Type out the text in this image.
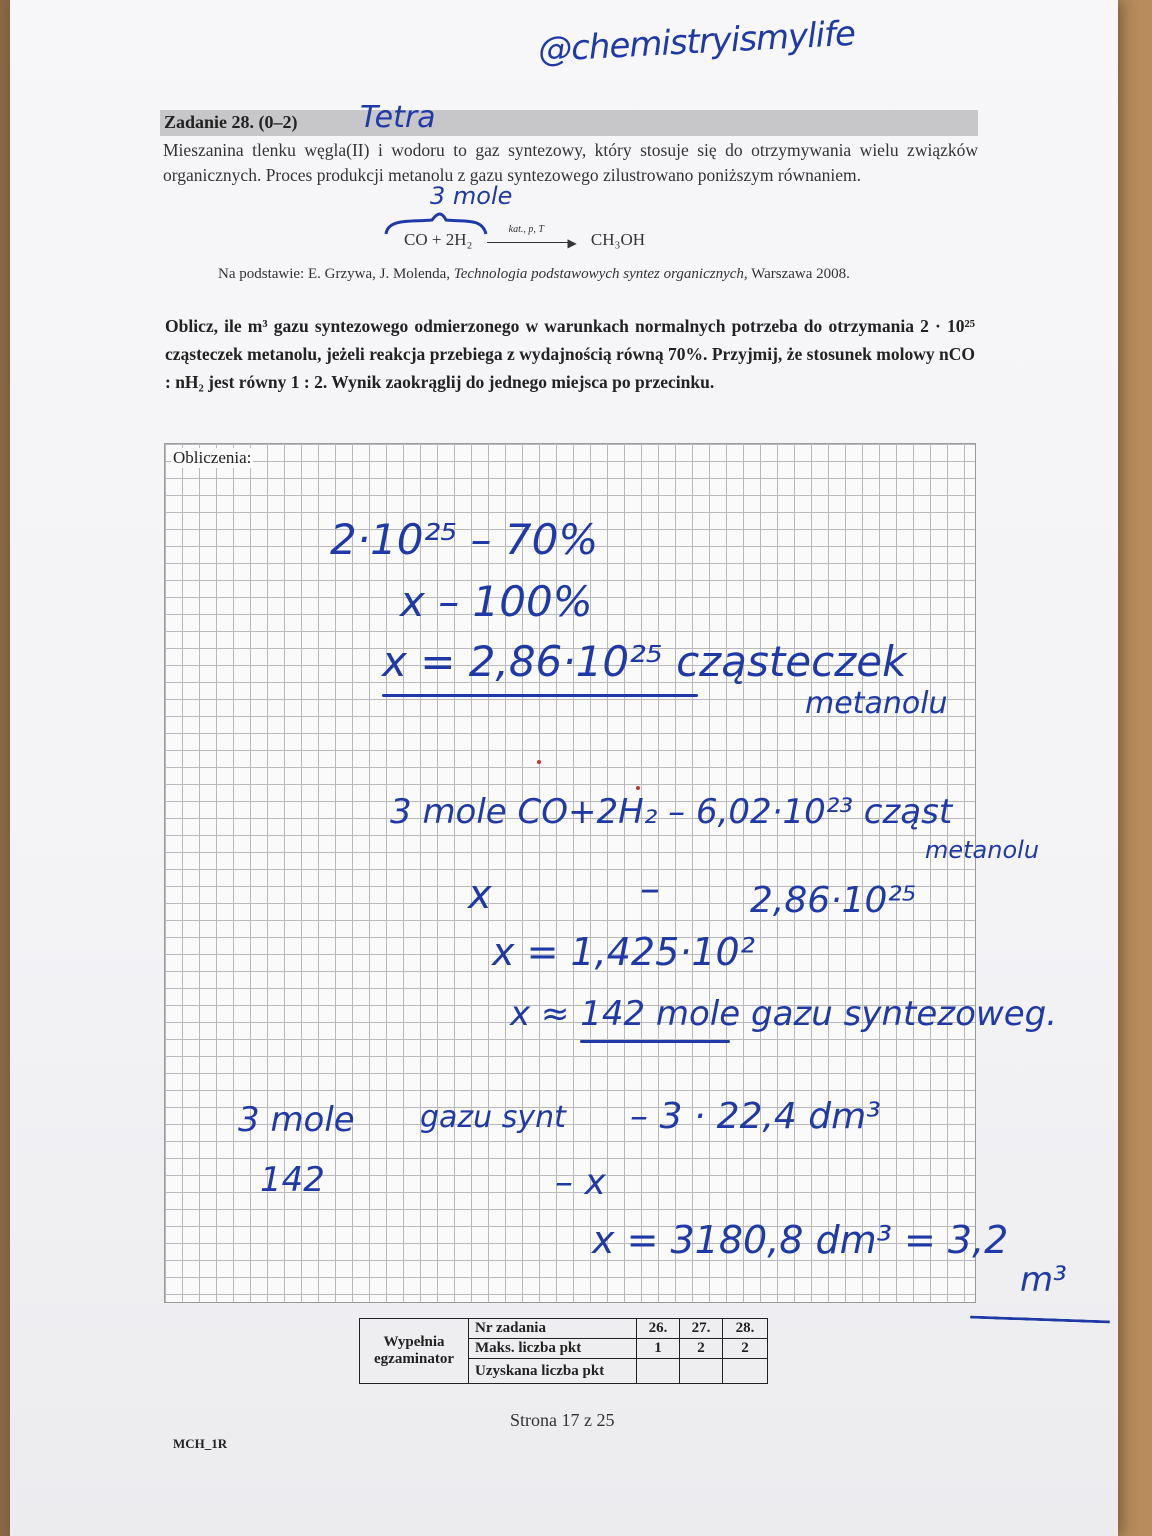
@chemistryismylife
Zadanie 28. (0–2) Tetra
Mieszanina tlenku węgla(II) i wodoru to gaz syntezowy, który stosuje się do otrzymywania wielu związków organicznych. Proces produkcji metanolu z gazu syntezowego zilustrowano poniższym równaniem.
3 mole
CO + 2H₂
kat., p, T
▶ CH₃OH
Na podstawie: E. Grzywa, J. Molenda, Technologia podstawowych syntez organicznych, Warszawa 2008.
Oblicz, ile m³ gazu syntezowego odmierzonego w warunkach normalnych potrzeba do otrzymania 2 · 10²⁵ cząsteczek metanolu, jeżeli reakcja przebiega z wydajnością równą 70%. Przyjmij, że stosunek molowy nCO : nH₂ jest równy 1 : 2. Wynik zaokrąglij do jednego miejsca po przecinku.
Obliczenia:
2·10²⁵ – 70%
x – 100%
x = 2,86·10²⁵ cząsteczek
metanolu
3 mole CO+2H₂ – 6,02·10²³ cząst
metanolu
x	–	2,86·10²⁵
x = 1,425·10²
x ≈ 142 mole gazu syntezoweg.
3 mole gazu synt – 3 · 22,4 dm³
142	– x
x = 3180,8 dm³ = 3,2
m³
Wypełnia egzaminator	Nr zadania	26.	27.	28.
	Maks. liczba pkt	1	2	2
	Uzyskana liczba pkt			
Strona 17 z 25
MCH_1R
